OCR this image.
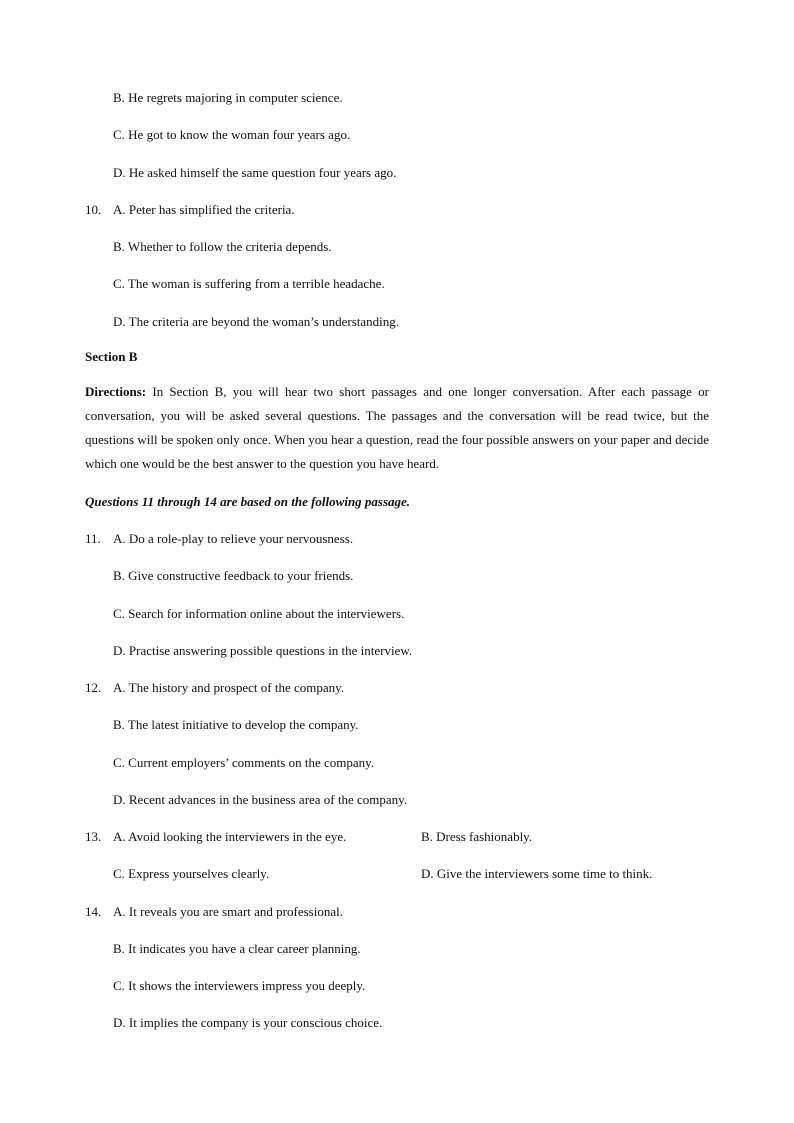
B. He regrets majoring in computer science.
C. He got to know the woman four years ago.
D. He asked himself the same question four years ago.
10. A. Peter has simplified the criteria.
B. Whether to follow the criteria depends.
C. The woman is suffering from a terrible headache.
D. The criteria are beyond the woman’s understanding.
Section B
Directions: In Section B, you will hear two short passages and one longer conversation. After each passage or conversation, you will be asked several questions. The passages and the conversation will be read twice, but the questions will be spoken only once. When you hear a question, read the four possible answers on your paper and decide which one would be the best answer to the question you have heard.
Questions 11 through 14 are based on the following passage.
11. A. Do a role-play to relieve your nervousness.
B. Give constructive feedback to your friends.
C. Search for information online about the interviewers.
D. Practise answering possible questions in the interview.
12. A. The history and prospect of the company.
B. The latest initiative to develop the company.
C. Current employers’ comments on the company.
D. Recent advances in the business area of the company.
13. A. Avoid looking the interviewers in the eye.	B. Dress fashionably.
C. Express yourselves clearly.	D. Give the interviewers some time to think.
14. A. It reveals you are smart and professional.
B. It indicates you have a clear career planning.
C. It shows the interviewers impress you deeply.
D. It implies the company is your conscious choice.
